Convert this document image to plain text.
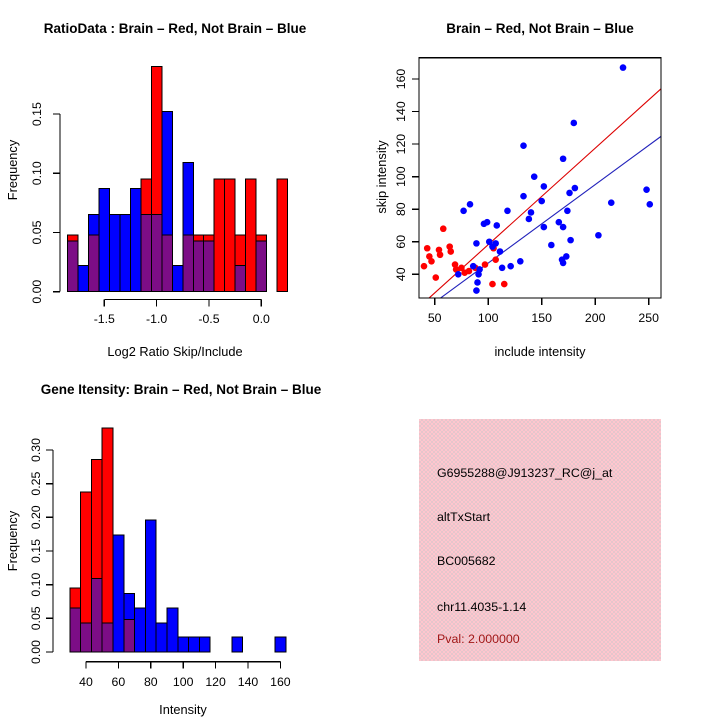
RatioData : Brain – Red, Not Brain – Blue
Log2 Ratio Skip/Include
Frequency
0.00
0.05
0.10
0.15
-1.5	-1.0	-0.5	0.0
Brain – Red, Not Brain – Blue
include intensity
skip intensity
50	100	150	200	250
40
60
80
100
120
140
160
Gene Itensity: Brain – Red, Not Brain – Blue
Intensity
Frequency
0.00
0.05
0.10
0.15
0.20
0.25
0.30
40 60 80 100 120 140 160
G6955288@J913237_RC@j_at
altTxStart
BC005682
chr11.4035-1.14
Pval: 2.000000
